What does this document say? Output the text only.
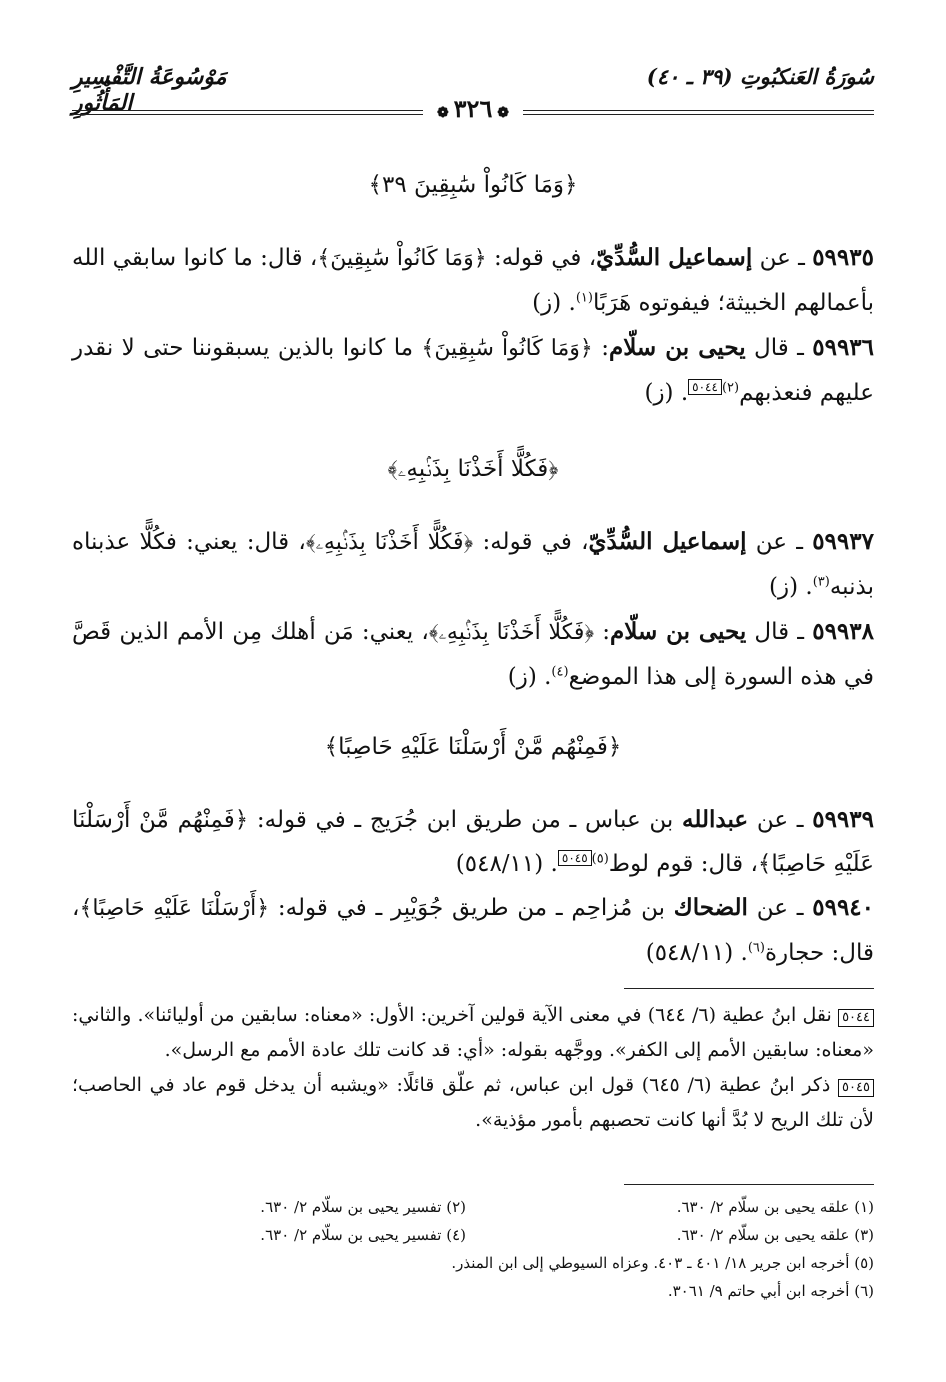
سُورَةُ العَنكبُوتِ (٣٩ ـ ٤٠)
مَوْسُوعَةُ التَّفْسِيرِ المَأْثُورِ	❁ ٣٢٦ ❁
﴿وَمَا كَانُواْ سَٰبِقِينَ ٣٩﴾
٥٩٩٣٥ ـ عن إسماعيل السُّدِّيّ، في قوله: ﴿وَمَا كَانُواْ سَٰبِقِينَ﴾، قال: ما كانوا سابقي الله بأعمالهم الخبيثة؛ فيفوتوه هَرَبًا$^{(١)}$. (ز)
٥٩٩٣٦ ـ قال يحيى بن سلّام: ﴿وَمَا كَانُواْ سَٰبِقِينَ﴾ ما كانوا بالذين يسبقوننا حتى لا نقدر عليهم فنعذبهم$^{(٢)}$٥٠٤٤. (ز)
﴿فَكُلًّا أَخَذْنَا بِذَنۢبِهِۦ﴾
٥٩٩٣٧ ـ عن إسماعيل السُّدِّيّ، في قوله: ﴿فَكُلًّا أَخَذْنَا بِذَنۢبِهِۦ﴾، قال: يعني: فكُلًّا عذبناه بذنبه$^{(٣)}$. (ز)
٥٩٩٣٨ ـ قال يحيى بن سلّام: ﴿فَكُلًّا أَخَذْنَا بِذَنۢبِهِۦ﴾، يعني: مَن أهلك مِن الأمم الذين قَصَّ في هذه السورة إلى هذا الموضع$^{(٤)}$. (ز)
﴿فَمِنْهُم مَّنْ أَرْسَلْنَا عَلَيْهِ حَاصِبًا﴾
٥٩٩٣٩ ـ عن عبدالله بن عباس ـ من طريق ابن جُرَيج ـ في قوله: ﴿فَمِنْهُم مَّنْ أَرْسَلْنَا عَلَيْهِ حَاصِبًا﴾، قال: قوم لوط$^{(٥)}$٥٠٤٥. (٥٤٨/١١)
٥٩٩٤٠ ـ عن الضحاك بن مُزاحِم ـ من طريق جُوَيْبِر ـ في قوله: ﴿أَرْسَلْنَا عَلَيْهِ حَاصِبًا﴾، قال: حجارة$^{(٦)}$. (٥٤٨/١١)
٥٠٤٤ نقل ابنُ عطية (٦/ ٦٤٤) في معنى الآية قولين آخرين: الأول: «معناه: سابقين من أوليائنا». والثاني: «معناه: سابقين الأمم إلى الكفر». ووجَّهه بقوله: «أي: قد كانت تلك عادة الأمم مع الرسل».
٥٠٤٥ ذكر ابنُ عطية (٦/ ٦٤٥) قول ابن عباس، ثم علّق قائلًا: «ويشبه أن يدخل قوم عاد في الحاصب؛ لأن تلك الريح لا بُدَّ أنها كانت تحصبهم بأمور مؤذية».
(١) علقه يحيى بن سلّام ٢/ ٦٣٠.
(٢) تفسير يحيى بن سلّام ٢/ ٦٣٠.
(٣) علقه يحيى بن سلّام ٢/ ٦٣٠.
(٤) تفسير يحيى بن سلّام ٢/ ٦٣٠.
(٥) أخرجه ابن جرير ١٨/ ٤٠١ ـ ٤٠٣. وعزاه السيوطي إلى ابن المنذر.
(٦) أخرجه ابن أبي حاتم ٩/ ٣٠٦١.
